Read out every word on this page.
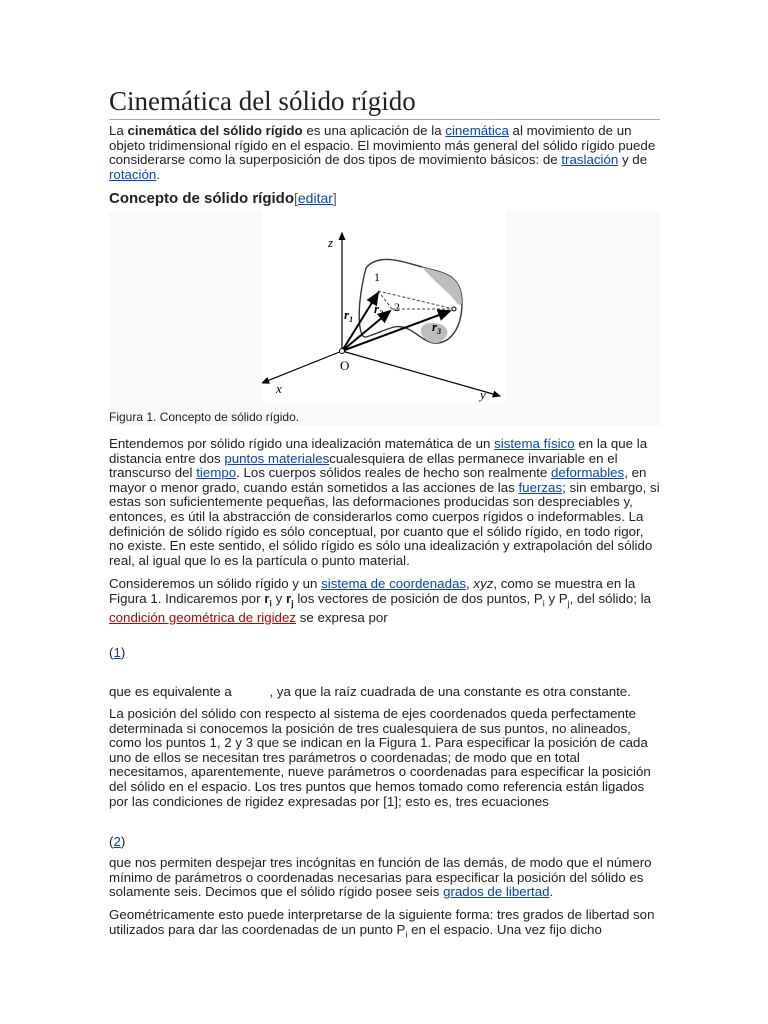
Cinemática del sólido rígido

La cinemática del sólido rígido es una aplicación de la cinemática al movimiento de un objeto tridimensional rígido en el espacio. El movimiento más general del sólido rígido puede considerarse como la superposición de dos tipos de movimiento básicos: de traslación y de rotación.

Concepto de sólido rígido[editar]
z
x	y
O
1
2
$r_1$
$r_2$
$r_3$
Figura 1. Concepto de sólido rígido.

Entendemos por sólido rígido una idealización matemática de un sistema físico en la que la distancia entre dos puntos materialescualesquiera de ellas permanece invariable en el transcurso del tiempo. Los cuerpos sólidos reales de hecho son realmente deformables, en mayor o menor grado, cuando están sometidos a las acciones de las fuerzas; sin embargo, si estas son suficientemente pequeñas, las deformaciones producidas son despreciables y, entonces, es útil la abstracción de considerarlos como cuerpos rígidos o indeformables. La definición de sólido rígido es sólo conceptual, por cuanto que el sólido rígido, en todo rigor, no existe. En este sentido, el sólido rígido es sólo una idealización y extrapolación del sólido real, al igual que lo es la partícula o punto material.

Consideremos un sólido rígido y un sistema de coordenadas, xyz, como se muestra en la Figura 1. Indicaremos por $r_i$ y $r_j$ los vectores de posición de dos puntos, $P_i$ y $P_j$, del sólido; la condición geométrica de rigidez se expresa por

(1)

que es equivalente a	, ya que la raíz cuadrada de una constante es otra constante.

La posición del sólido con respecto al sistema de ejes coordenados queda perfectamente determinada si conocemos la posición de tres cualesquiera de sus puntos, no alineados, como los puntos 1, 2 y 3 que se indican en la Figura 1. Para especificar la posición de cada uno de ellos se necesitan tres parámetros o coordenadas; de modo que en total necesitamos, aparentemente, nueve parámetros o coordenadas para especificar la posición del sólido en el espacio. Los tres puntos que hemos tomado como referencia están ligados por las condiciones de rigidez expresadas por [1]; esto es, tres ecuaciones

(2)

que nos permiten despejar tres incógnitas en función de las demás, de modo que el número mínimo de parámetros o coordenadas necesarias para especificar la posición del sólido es solamente seis. Decimos que el sólido rígido posee seis grados de libertad.

Geométricamente esto puede interpretarse de la siguiente forma: tres grados de libertad son utilizados para dar las coordenadas de un punto $P_i$ en el espacio. Una vez fijo dicho
